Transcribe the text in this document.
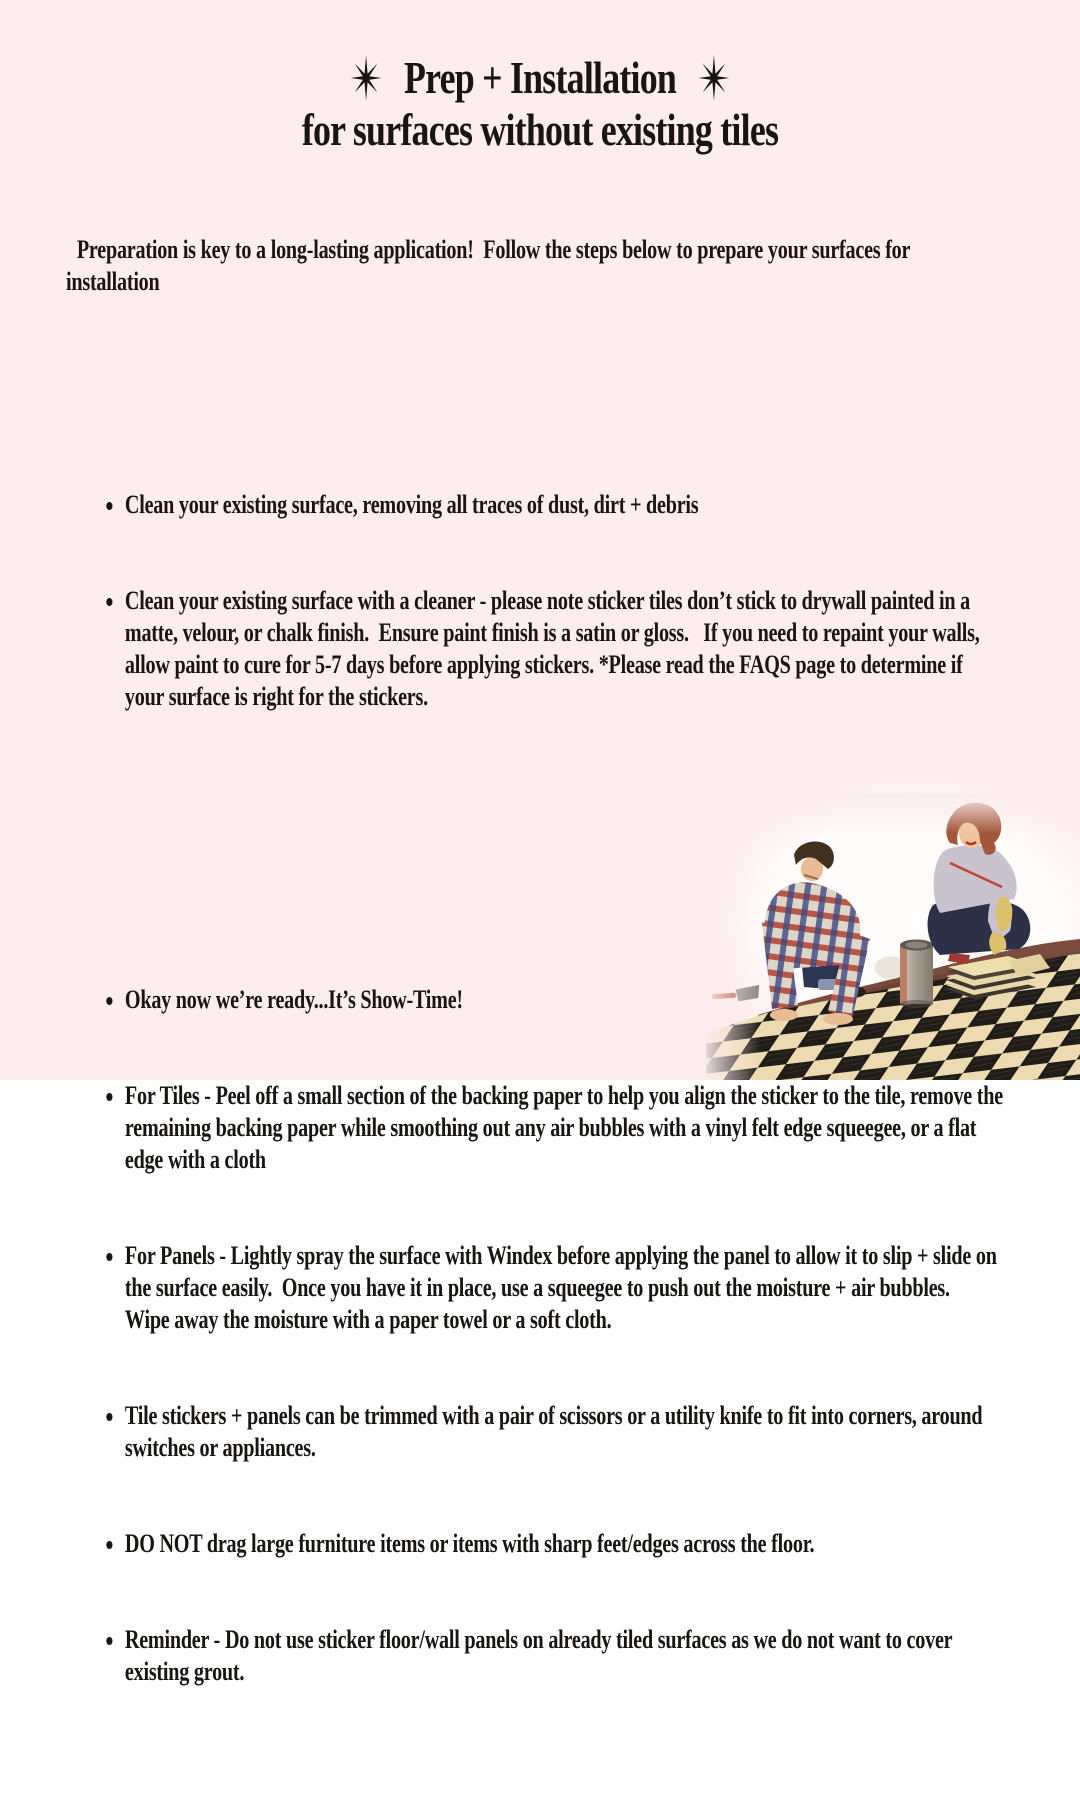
Prep + Installation
for surfaces without existing tiles

Preparation is key to a long-lasting application!  Follow the steps below to prepare your surfaces for installation

• Clean your existing surface, removing all traces of dust, dirt + debris

• Clean your existing surface with a cleaner - please note sticker tiles don’t stick to drywall painted in a matte, velour, or chalk finish.  Ensure paint finish is a satin or gloss.   If you need to repaint your walls, allow paint to cure for 5-7 days before applying stickers. *Please read the FAQS page to determine if your surface is right for the stickers.

• Okay now we’re ready...It’s Show-Time!

• For Tiles - Peel off a small section of the backing paper to help you align the sticker to the tile, remove the remaining backing paper while smoothing out any air bubbles with a vinyl felt edge squeegee, or a flat edge with a cloth

• For Panels - Lightly spray the surface with Windex before applying the panel to allow it to slip + slide on the surface easily.  Once you have it in place, use a squeegee to push out the moisture + air bubbles.   Wipe away the moisture with a paper towel or a soft cloth.

• Tile stickers + panels can be trimmed with a pair of scissors or a utility knife to fit into corners, around switches or appliances.

• DO NOT drag large furniture items or items with sharp feet/edges across the floor.

• Reminder - Do not use sticker floor/wall panels on already tiled surfaces as we do not want to cover existing grout.
